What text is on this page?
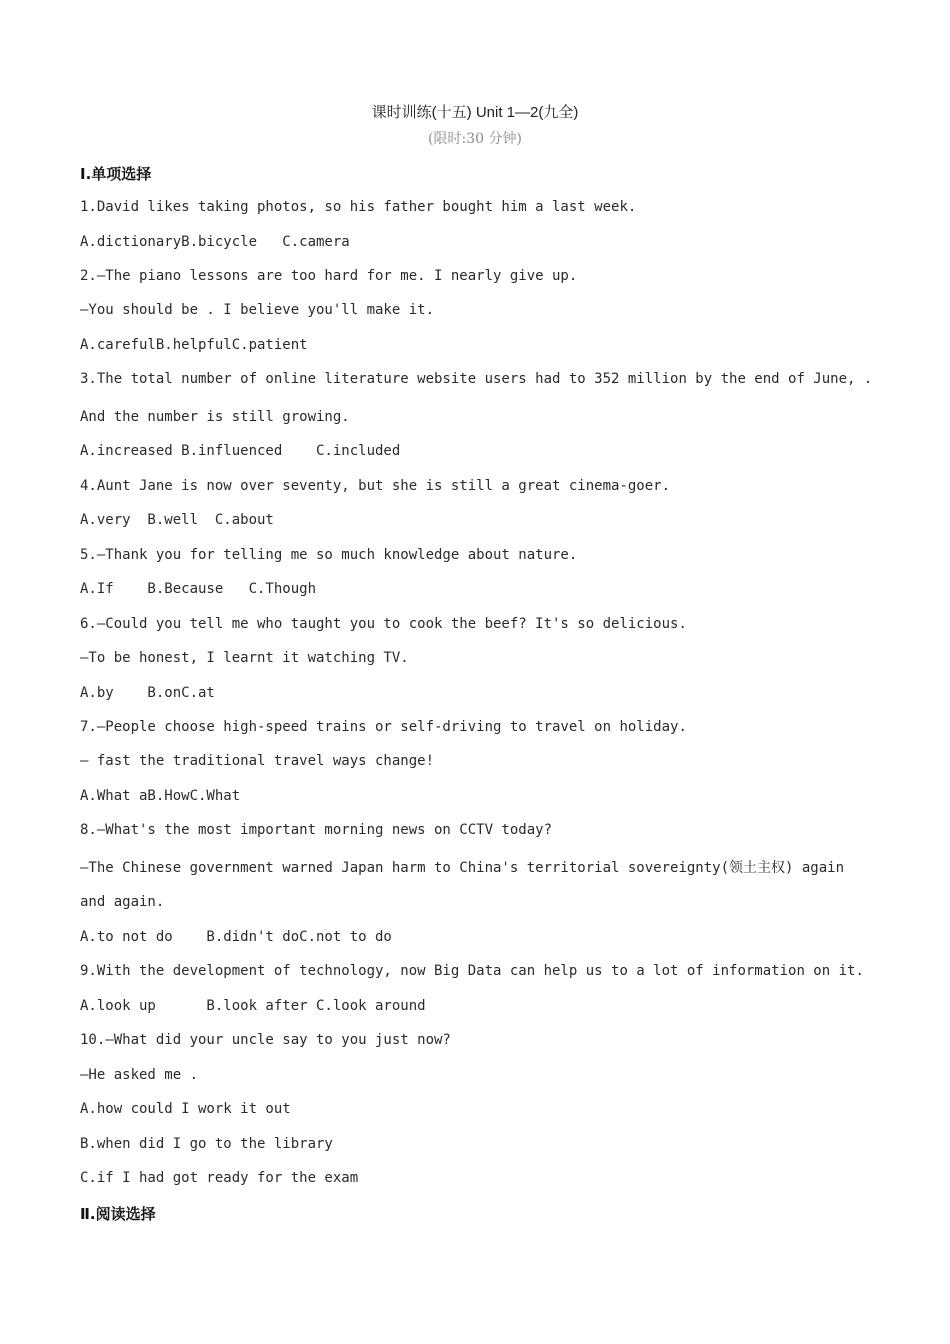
课时训练(十五) Unit 1—2(九全)
(限时:30 分钟)
Ⅰ.单项选择
1.David likes taking photos, so his father bought him a last week.
A.dictionaryB.bicycle   C.camera
2.—The piano lessons are too hard for me. I nearly give up.
—You should be . I believe you'll make it.
A.carefulB.helpfulC.patient
3.The total number of online literature website users had to 352 million by the end of June, .
And the number is still growing.
A.increased B.influenced    C.included
4.Aunt Jane is now over seventy, but she is still a great cinema-goer.
A.very  B.well  C.about
5.—Thank you for telling me so much knowledge about nature.
A.If    B.Because   C.Though
6.—Could you tell me who taught you to cook the beef? It's so delicious.
—To be honest, I learnt it watching TV.
A.by    B.onC.at
7.—People choose high-speed trains or self-driving to travel on holiday.
— fast the traditional travel ways change!
A.What aB.HowC.What
8.—What's the most important morning news on CCTV today?
—The Chinese government warned Japan harm to China's territorial sovereignty(领土主权) again
and again.
A.to not do    B.didn't doC.not to do
9.With the development of technology, now Big Data can help us to a lot of information on it.
A.look up      B.look after C.look around
10.—What did your uncle say to you just now?
—He asked me .
A.how could I work it out
B.when did I go to the library
C.if I had got ready for the exam
Ⅱ.阅读选择
